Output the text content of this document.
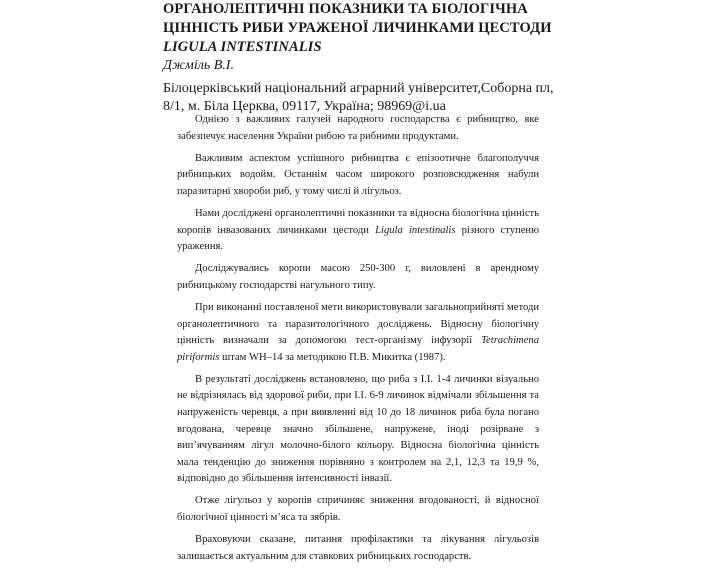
ОРГАНОЛЕПТИЧНІ ПОКАЗНИКИ ТА БІОЛОГІЧНА
ЦІННІСТЬ РИБИ УРАЖЕНОЇ ЛИЧИНКАМИ ЦЕСТОДИ
LIGULA INTESTINALIS
Джміль В.І.
Білоцерківський національний аграрний університет,Соборна пл,
8/1, м. Біла Церква, 09117, Україна; 98969@i.ua

Однією з важливих галузей народного господарства є рибництво, яке забезпечує населення України рибою та рибними продуктами.

Важливим аспектом успішного рибництва є епізоотичне благополуччя рибницьких водойм. Останнім часом широкого розповсюдження набули паразитарні хвороби риб, у тому числі й лігульоз.

Нами досліджені органолептичні показники та відносна біологічна цінність коропів інвазованих личинками цестоди Ligula intestinalis різного ступеню ураження.

Досліджувались коропи масою 250-300 г, виловлені в арендному рибницькому господарстві нагульного типу.

При виконанні поставленої мети використовували загальноприйняті методи органолептичного та паразитологічного досліджень. Відносну біологічну цінність визначали за допомогою тест-організму інфузорії Tetrachimena piriformis штам WH–14 за методикою П.В. Микитка (1987).

В результаті досліджень встановлено, що риба з І.І. 1-4 личинки візуально не відрізнялась від здорової риби, при І.І. 6-9 личинок відмічали збільшення та напруженість черевця, а при виявленні від 10 до 18 личинок риба була погано вгодована, черевце значно збільшене, напружене, іноді розірване з вип’ячуванням лігул молочно-білого кольору. Відносна біологічна цінність мала тенденцію до зниження порівняно з контролем на 2,1, 12,3 та 19,9 %, відповідно до збільшення інтенсивності інвазії.

Отже лігульоз у коропів спричиняє зниження вгодованості, й відносної біологічної цінності м’яса та зябрів.

Враховуючи сказане, питання профілактики та лікування лігульозів залишається актуальним для ставкових рибницьких господарств.
